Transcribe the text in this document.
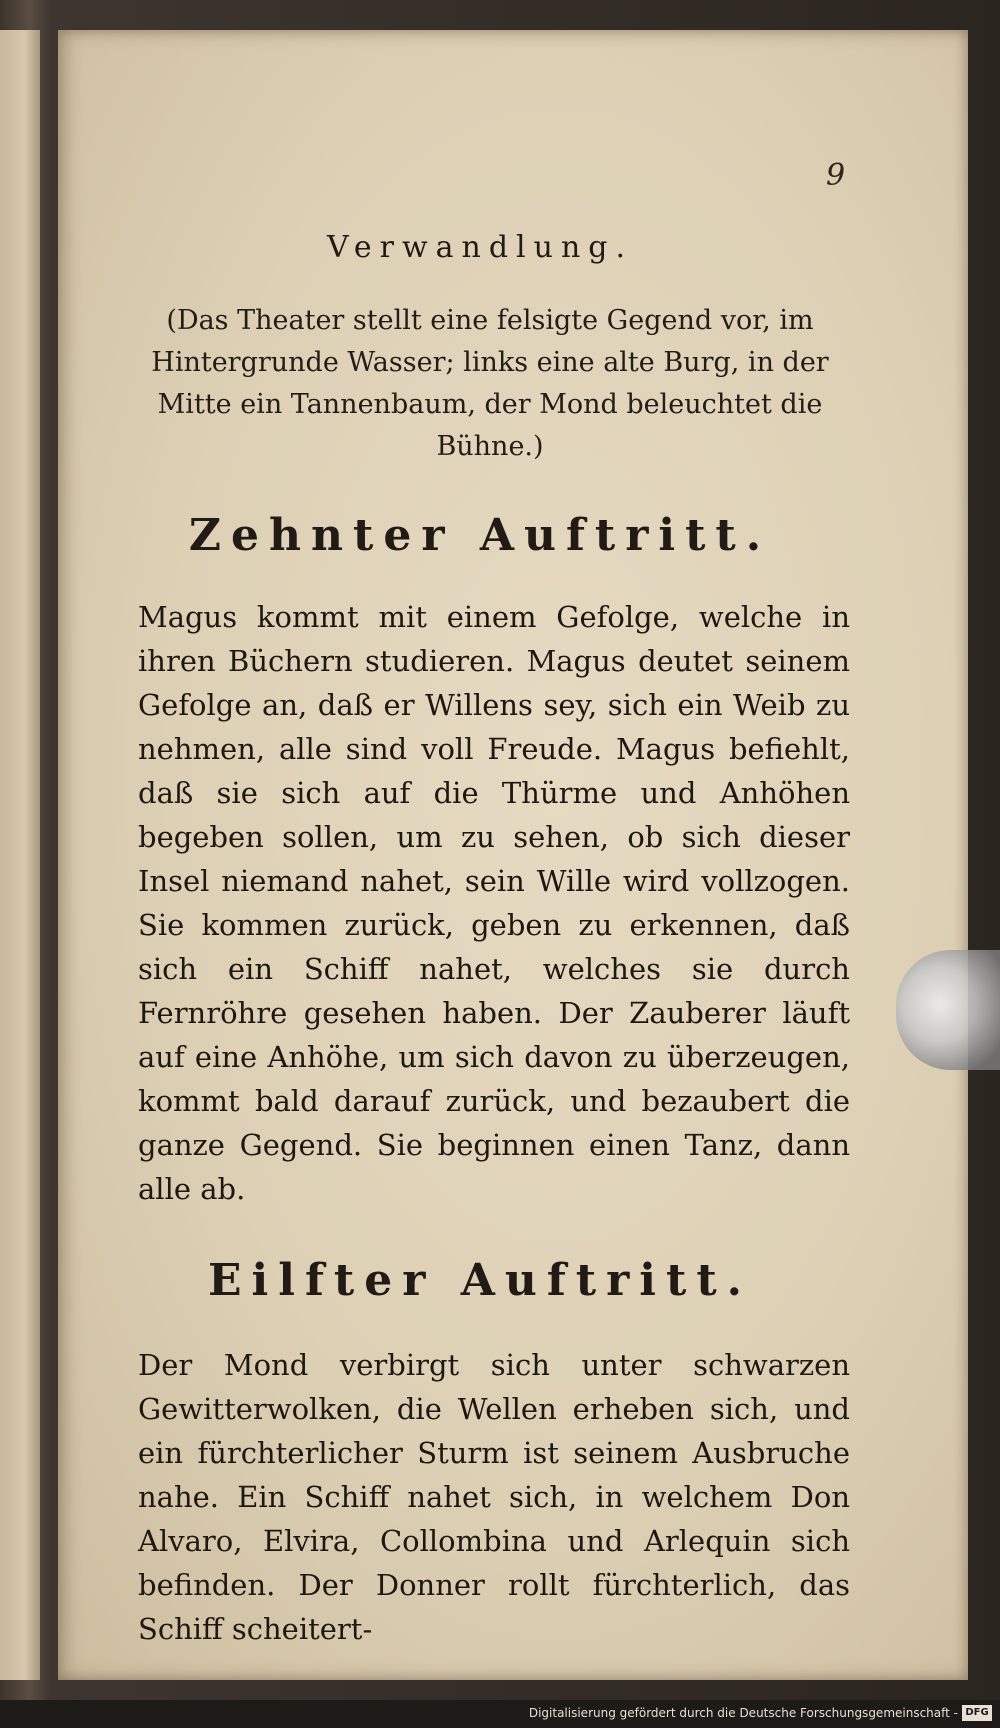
9
Verwandlung.
(Das Theater stellt eine felsigte Gegend vor, im Hintergrunde Wasser; links eine alte Burg, in der Mitte ein Tannenbaum, der Mond beleuchtet die Bühne.)
Zehnter Auftritt.
Magus kommt mit einem Gefolge, welche in ihren Büchern studieren. Magus deutet seinem Gefolge an, daß er Willens sey, sich ein Weib zu nehmen, alle sind voll Freude. Magus befiehlt, daß sie sich auf die Thürme und Anhöhen begeben sollen, um zu sehen, ob sich dieser Insel niemand nahet, sein Wille wird vollzogen. Sie kommen zurück, geben zu erkennen, daß sich ein Schiff nahet, welches sie durch Fernröhre gesehen haben. Der Zauberer läuft auf eine Anhöhe, um sich davon zu überzeugen, kommt bald darauf zurück, und bezaubert die ganze Gegend. Sie beginnen einen Tanz, dann alle ab.
Eilfter Auftritt.
Der Mond verbirgt sich unter schwarzen Gewitterwolken, die Wellen erheben sich, und ein fürchterlicher Sturm ist seinem Ausbruche nahe. Ein Schiff nahet sich, in welchem Don Alvaro, Elvira, Collombina und Arlequin sich befinden. Der Donner rollt fürchterlich, das Schiff scheitert-
Digitalisierung gefördert durch die Deutsche Forschungsgemeinschaft - DFG
